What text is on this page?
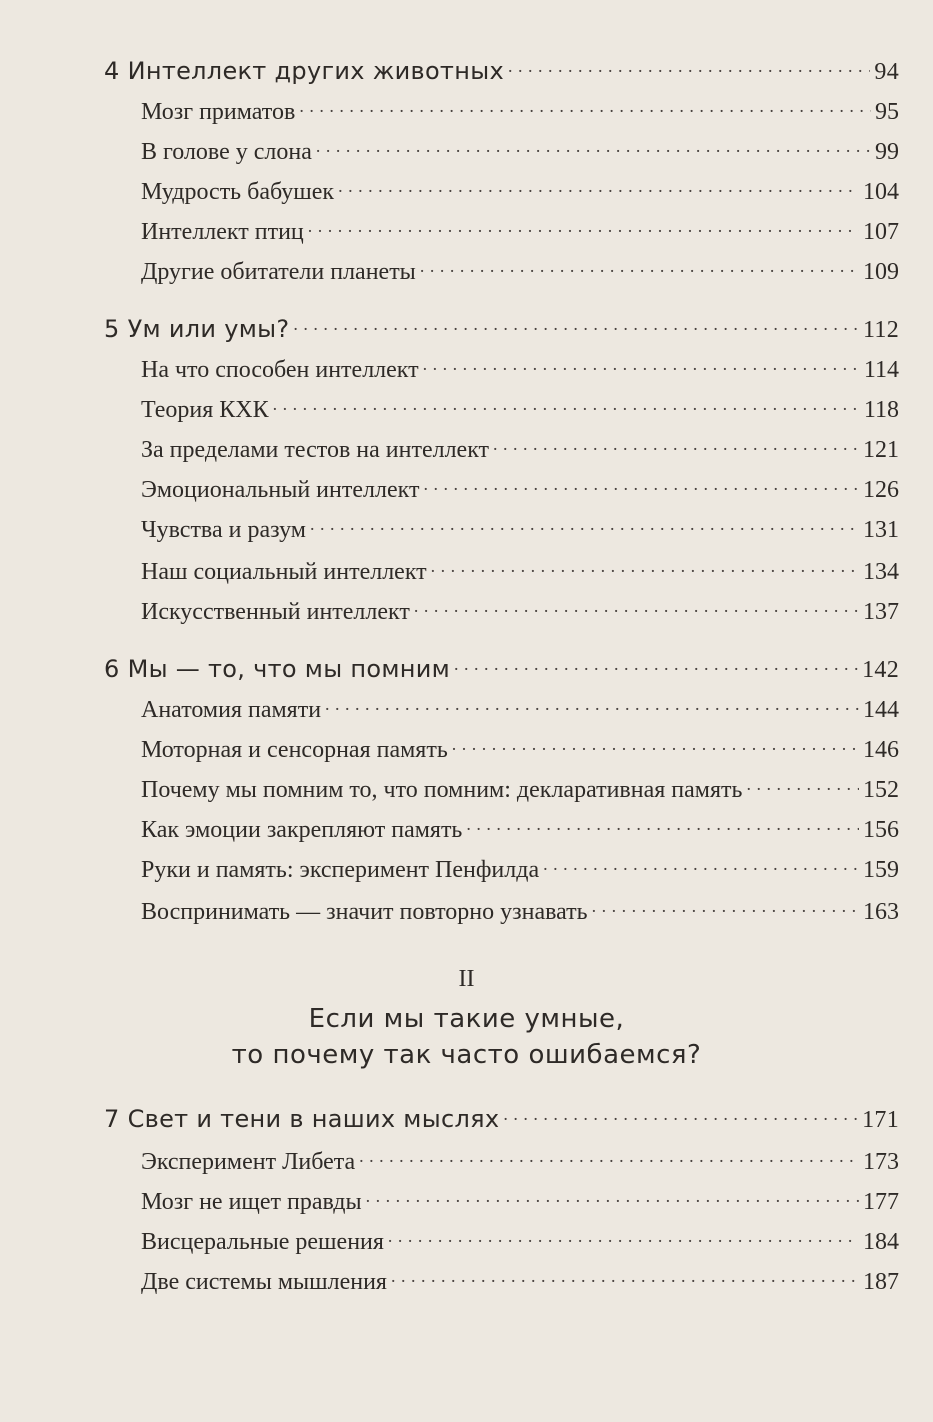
4 Интеллект других животных . . .	94
Мозг приматов . . .	95
В голове у слона . . .	99
Мудрость бабушек . . .	104
Интеллект птиц . . .	107
Другие обитатели планеты . . .	109
5 Ум или умы? . . .	112
На что способен интеллект . . .	114
Теория КХК . . .	118
За пределами тестов на интеллект . . .	121
Эмоциональный интеллект . . .	126
Чувства и разум . . .	131
Наш социальный интеллект . . .	134
Искусственный интеллект . . .	137
6 Мы — то, что мы помним . . .	142
Анатомия памяти . . .	144
Моторная и сенсорная память . . .	146
Почему мы помним то, что помним: декларативная память . . .	152
Как эмоции закрепляют память . . .	156
Руки и память: эксперимент Пенфилда . . .	159
Воспринимать — значит повторно узнавать . . .	163
II
Если мы такие умные,
то почему так часто ошибаемся?
7 Свет и тени в наших мыслях . . .	171
Эксперимент Либета . . .	173
Мозг не ищет правды . . .	177
Висцеральные решения . . .	184
Две системы мышления . . .	187
